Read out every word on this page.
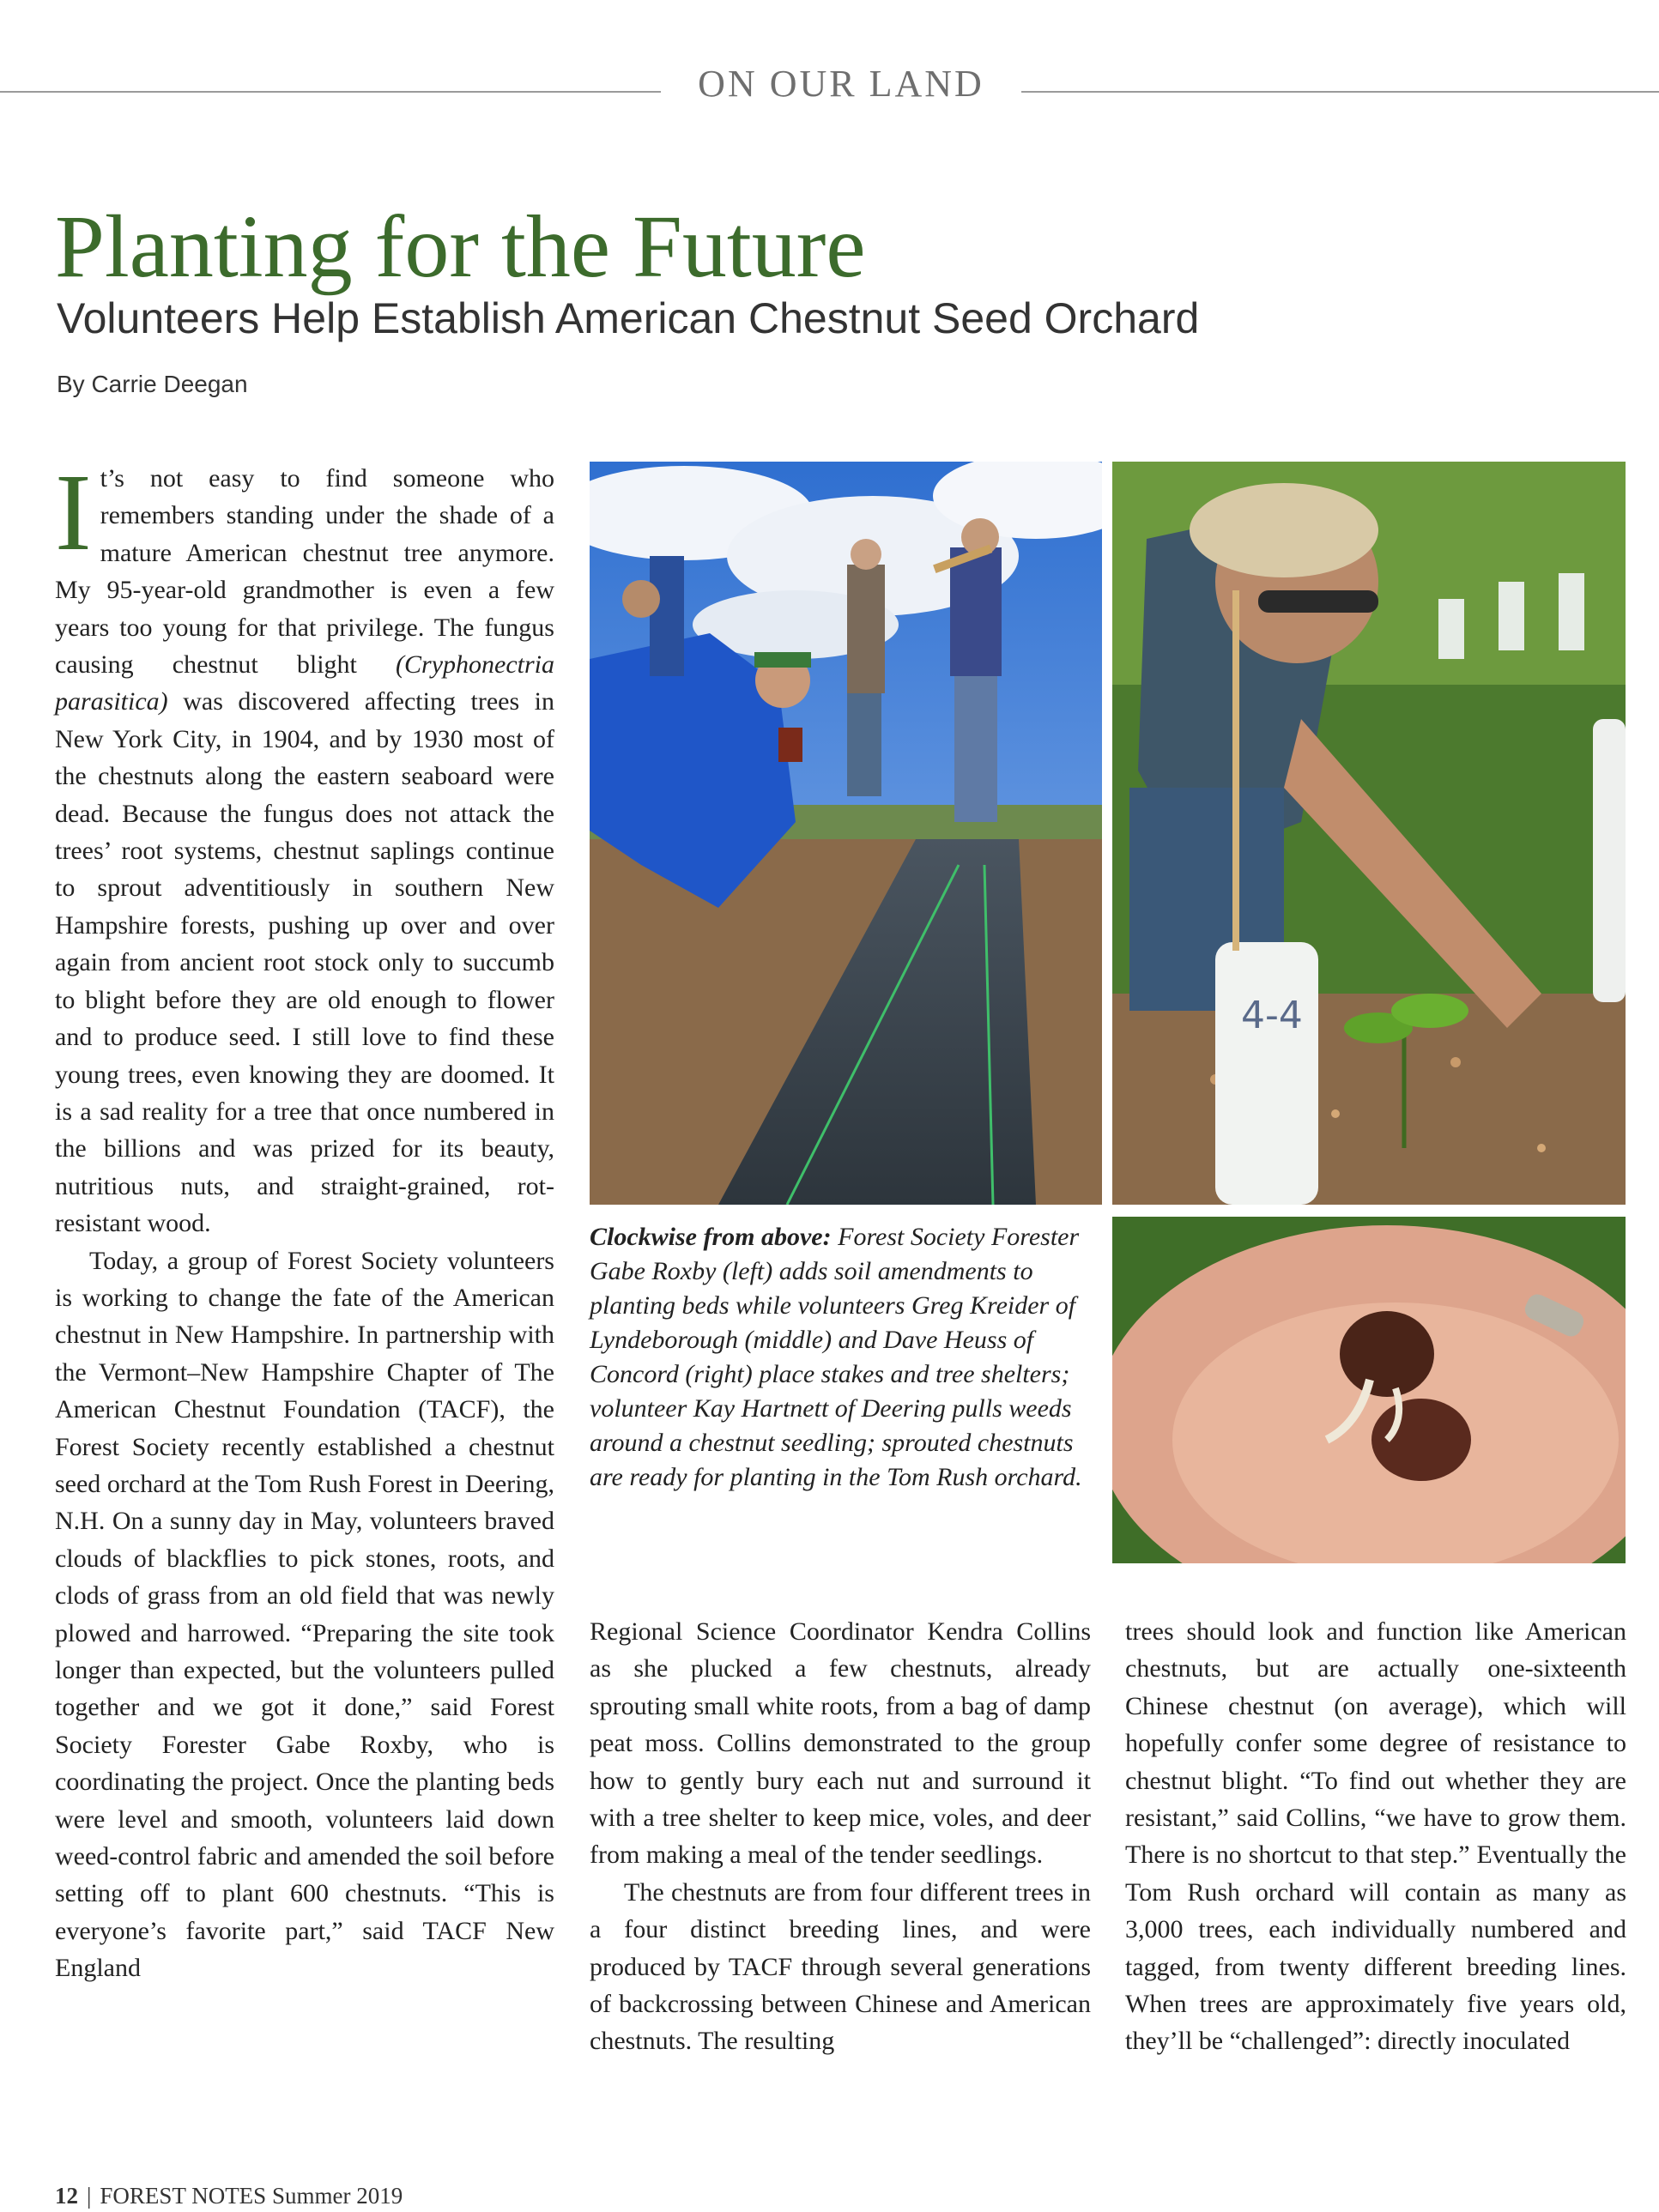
ON OUR LAND
Planting for the Future
Volunteers Help Establish American Chestnut Seed Orchard
By Carrie Deegan

It’s not easy to find someone who remembers standing under the shade of a mature American chestnut tree anymore. My 95-year-old grandmother is even a few years too young for that privilege. The fungus causing chestnut blight (Cryphonectria parasitica) was discovered affecting trees in New York City, in 1904, and by 1930 most of the chestnuts along the eastern seaboard were dead. Because the fungus does not attack the trees’ root systems, chestnut saplings continue to sprout adventitiously in southern New Hampshire forests, pushing up over and over again from ancient root stock only to succumb to blight before they are old enough to flower and to produce seed. I still love to find these young trees, even knowing they are doomed. It is a sad reality for a tree that once numbered in the billions and was prized for its beauty, nutritious nuts, and straight-grained, rot-resistant wood.

Today, a group of Forest Society volunteers is working to change the fate of the American chestnut in New Hampshire. In partnership with the Vermont–New Hampshire Chapter of The American Chestnut Foundation (TACF), the Forest Society recently established a chestnut seed orchard at the Tom Rush Forest in Deering, N.H. On a sunny day in May, volunteers braved clouds of blackflies to pick stones, roots, and clods of grass from an old field that was newly plowed and harrowed. “Preparing the site took longer than expected, but the volunteers pulled together and we got it done,” said Forest Society Forester Gabe Roxby, who is coordinating the project. Once the planting beds were level and smooth, volunteers laid down weed-control fabric and amended the soil before setting off to plant 600 chestnuts. “This is everyone’s favorite part,” said TACF New England

4-4
Clockwise from above: Forest Society Forester Gabe Roxby (left) adds soil amendments to planting beds while volunteers Greg Kreider of Lyndeborough (middle) and Dave Heuss of Concord (right) place stakes and tree shelters; volunteer Kay Hartnett of Deering pulls weeds around a chestnut seedling; sprouted chestnuts are ready for planting in the Tom Rush orchard.

Regional Science Coordinator Kendra Collins as she plucked a few chestnuts, already sprouting small white roots, from a bag of damp peat moss. Collins demonstrated to the group how to gently bury each nut and surround it with a tree shelter to keep mice, voles, and deer from making a meal of the tender seedlings.

The chestnuts are from four different trees in a four distinct breeding lines, and were produced by TACF through several generations of backcrossing between Chinese and American chestnuts. The resulting

trees should look and function like American chestnuts, but are actually one-sixteenth Chinese chestnut (on average), which will hopefully confer some degree of resistance to chestnut blight. “To find out whether they are resistant,” said Collins, “we have to grow them. There is no shortcut to that step.” Eventually the Tom Rush orchard will contain as many as 3,000 trees, each individually numbered and tagged, from twenty different breeding lines. When trees are approximately five years old, they’ll be “challenged”: directly inoculated

12 | FOREST NOTES Summer 2019
